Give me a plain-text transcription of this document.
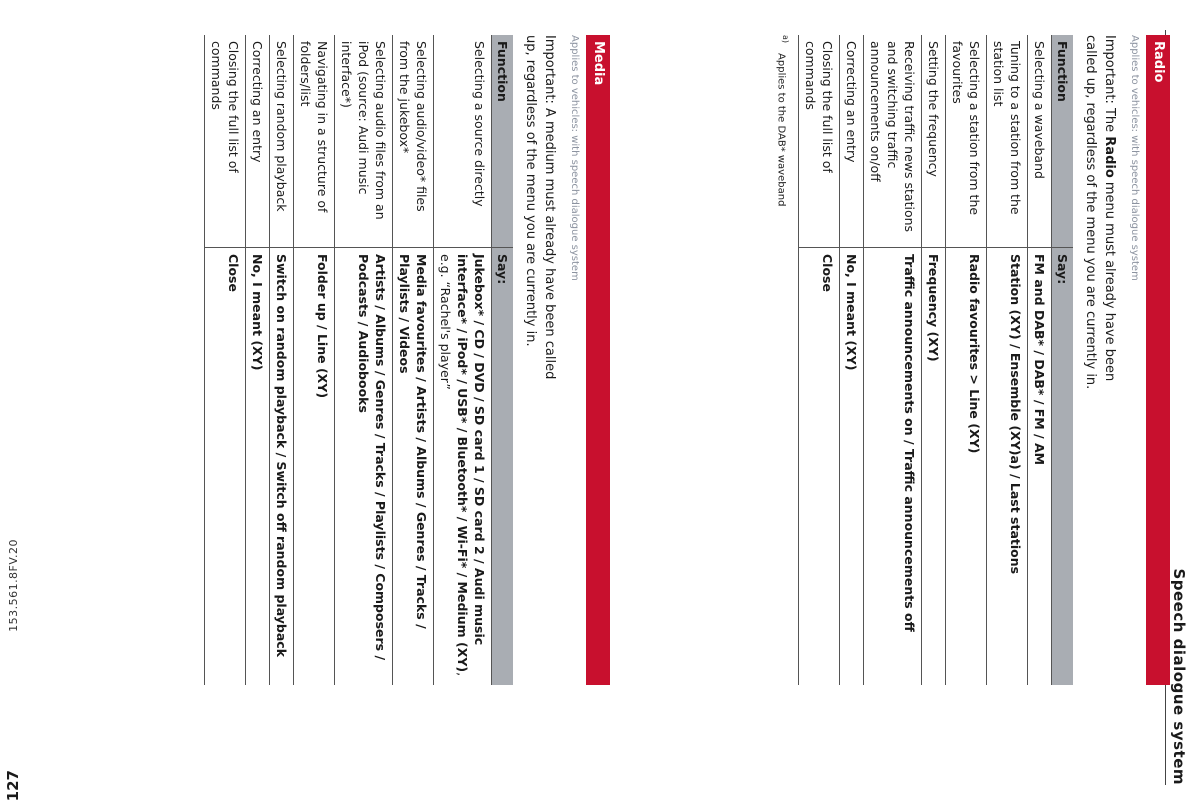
Speech dialogue system
Radio
Applies to vehicles: with speech dialogue system
Important: The Radio menu must already have been called up, regardless of the menu you are currently in.
Function	Say:
Selecting a waveband	FM and DAB* / DAB* / FM / AM
Tuning to a station from the station list	Station (XY) / Ensemble (XY)a) / Last stations
Selecting a station from the favourites	Radio favourites > Line (XY)
Setting the frequency	Frequency (XY)
Receiving traffic news stations and switching traffic announcements on/off	Traffic announcements on / Traffic announcements off
Correcting an entry	No, I meant (XY)
Closing the full list of commands	Close
$^{a)}$Applies to the DAB* waveband
Media
Applies to vehicles: with speech dialogue system
Important: A medium must already have been called up, regardless of the menu you are currently in.
Function	Say:
Selecting a source directly	Jukebox* / CD / DVD / SD card 1 / SD card 2 / Audi music interface* / iPod* / USB* / Bluetooth* / Wi-Fi* / Medium (XY), e.g. “Rachel's player”
Selecting audio/video* files from the jukebox*	Media favourites / Artists / Albums / Genres / Tracks / Playlists / Videos
Selecting audio files from an iPod (source: Audi music interface*)	Artists / Albums / Genres / Tracks / Playlists / Composers / Podcasts / Audiobooks
Navigating in a structure of folders/list	Folder up / Line (XY)
Selecting random playback	Switch on random playback / Switch off random playback
Correcting an entry	No, I meant (XY)
Closing the full list of commands	Close
127
153.561.8FV.20
